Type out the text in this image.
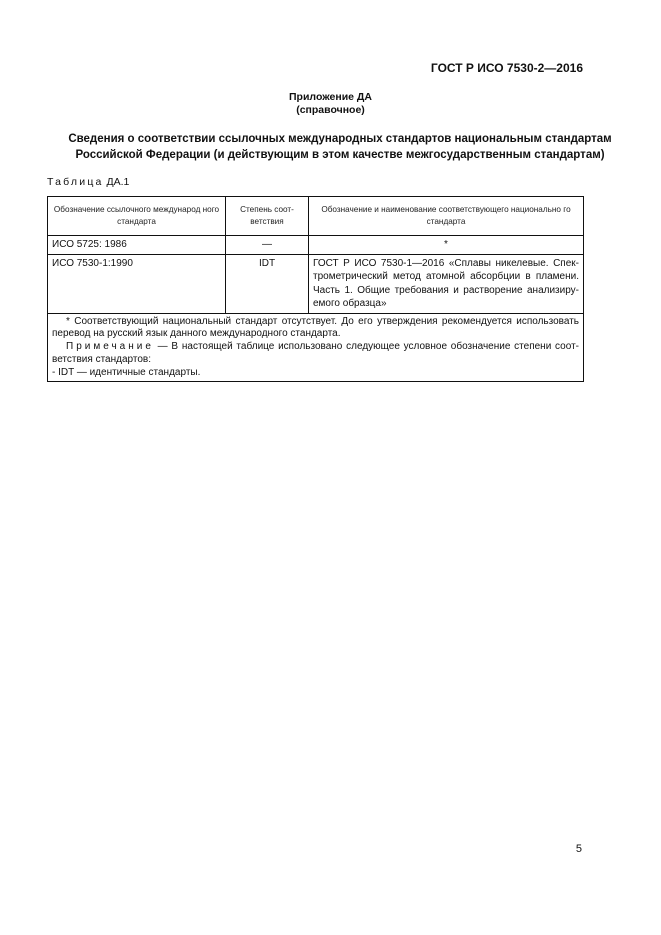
ГОСТ Р ИСО 7530-2—2016
Приложение ДА
(справочное)
Сведения о соответствии ссылочных международных стандартов национальным стандартам
Российской Федерации (и действующим в этом качестве межгосударственным стандартам)
Таблица ДА.1
Обозначение ссылочного международ ного стандарта	Степень соот- ветствия	Обозначение и наименование соответствующего национально го стандарта
ИСО 5725: 1986	—	*
ИСО 7530-1:1990	IDT	ГОСТ Р ИСО 7530-1—2016 «Сплавы никелевые. Спек- трометрический метод атомной абсорбции в пламени. Часть 1. Общие требования и растворение анализиру- емого образца»

* Соответствующий национальный стандарт отсутствует. До его утверждения рекомендуется использовать перевод на русский язык данного международного стандарта.

Примечание — В настоящей таблице использовано следующее условное обозначение степени соот- ветствия стандартов:

- IDT — идентичные стандарты.		

5
